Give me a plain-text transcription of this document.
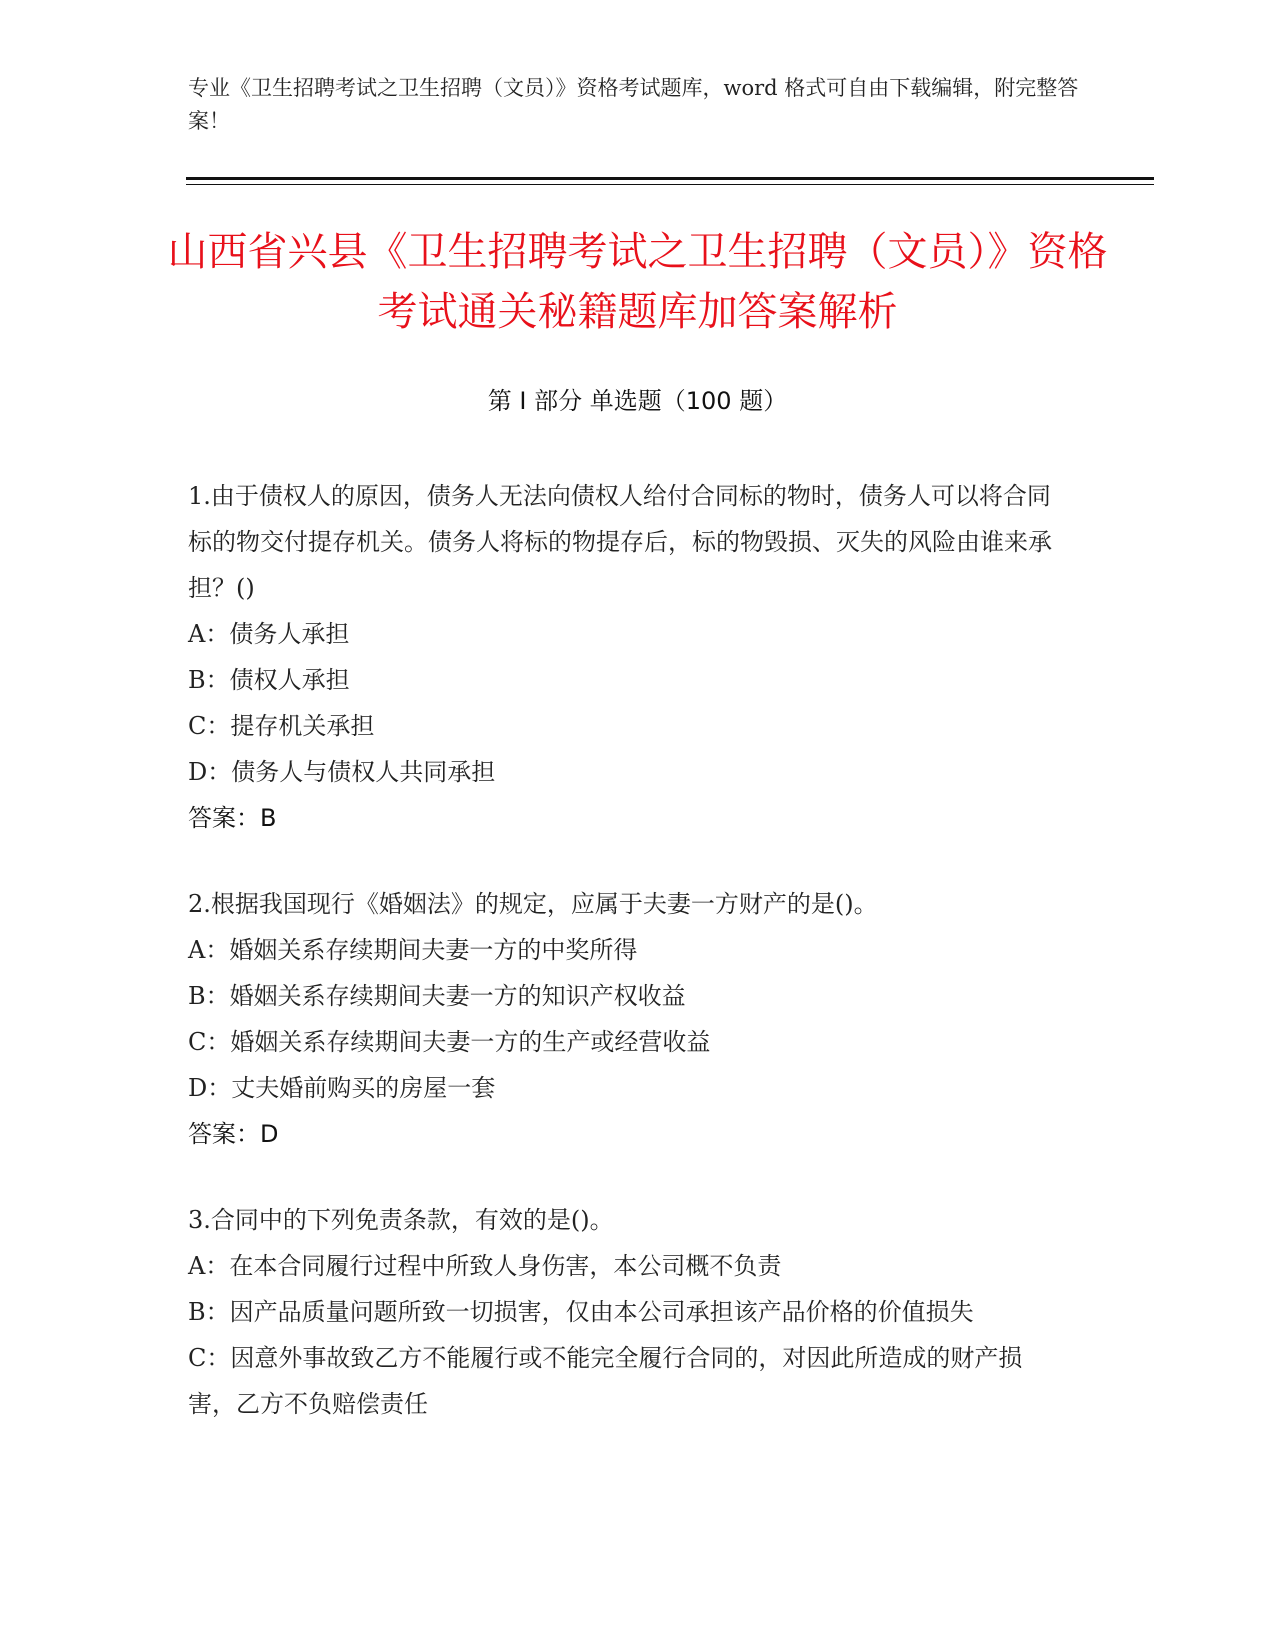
专业《卫生招聘考试之卫生招聘（文员）》资格考试题库，word 格式可自由下载编辑，附完整答案！
山西省兴县《卫生招聘考试之卫生招聘（文员）》资格考试通关秘籍题库加答案解析
第 I 部分 单选题（100 题）

1.由于债权人的原因，债务人无法向债权人给付合同标的物时，债务人可以将合同标的物交付提存机关。债务人将标的物提存后，标的物毁损、灭失的风险由谁来承担？()

A：债务人承担

B：债权人承担

C：提存机关承担

D：债务人与债权人共同承担

答案：B

2.根据我国现行《婚姻法》的规定，应属于夫妻一方财产的是()。

A：婚姻关系存续期间夫妻一方的中奖所得

B：婚姻关系存续期间夫妻一方的知识产权收益

C：婚姻关系存续期间夫妻一方的生产或经营收益

D：丈夫婚前购买的房屋一套

答案：D

3.合同中的下列免责条款，有效的是()。

A：在本合同履行过程中所致人身伤害，本公司概不负责

B：因产品质量问题所致一切损害，仅由本公司承担该产品价格的价值损失

C：因意外事故致乙方不能履行或不能完全履行合同的，对因此所造成的财产损害，乙方不负赔偿责任
